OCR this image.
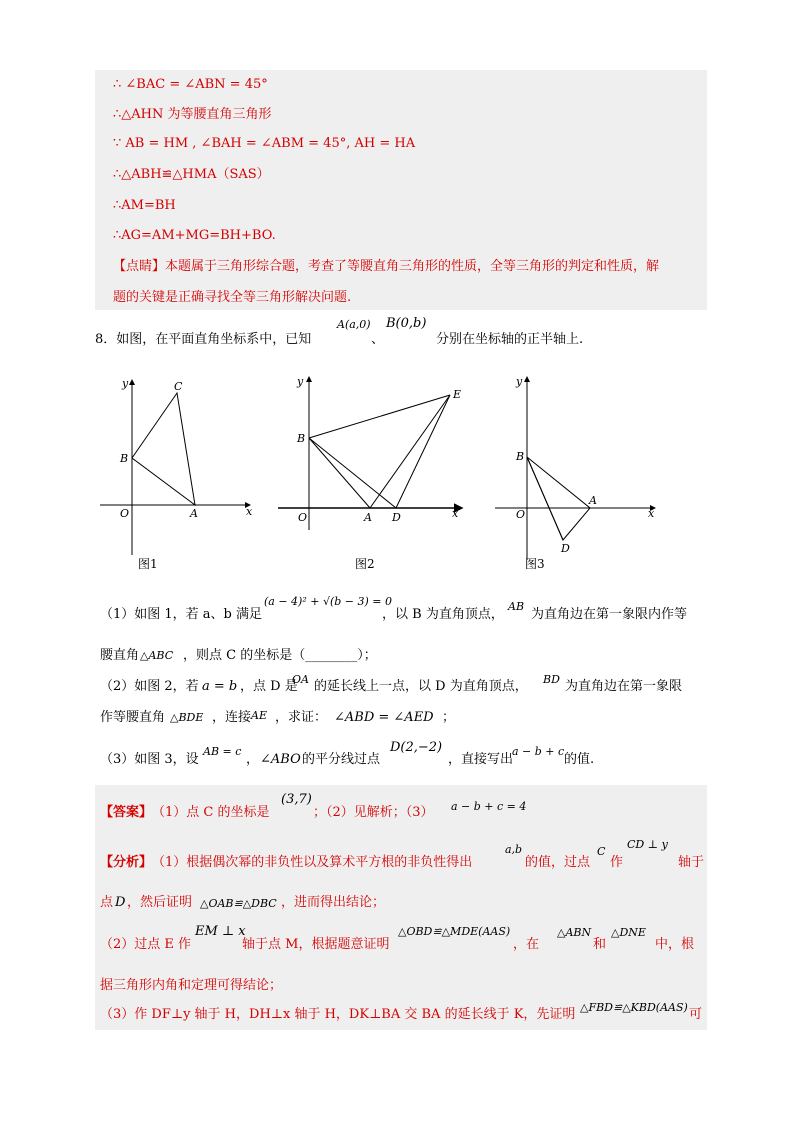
∴ ∠BAC = ∠ABN = 45°
∴△AHN 为等腰直角三角形
∵ AB = HM , ∠BAH = ∠ABM = 45°, AH = HA
∴△ABH≌△HMA（SAS）
∴AM=BH
∴AG=AM+MG=BH+BO.
【点睛】本题属于三角形综合题，考查了等腰直角三角形的性质，全等三角形的判定和性质，解
题的关键是正确寻找全等三角形解决问题.
8．如图，在平面直角坐标系中，已知
A(a,0)
、
B(0,b)
分别在坐标轴的正半轴上.
y	C
B
O	A	x
y
E
B
O	A D	x
y
B
O
A
D
x
图1	图2	图3
（1）如图 1，若 a、b 满足
(a − 4)² + √(b − 3) = 0
，以 B 为直角顶点，
AB
为直角边在第一象限内作等
腰直角 △ABC ，则点 C 的坐标是（________）；
（2）如图 2，若 a = b ，点 D 是
OA 的延长线上一点，以 D 为直角顶点， BD 为直角边在第一象限
作等腰直角 △BDE ，连接 AE ，求证： ∠ABD = ∠AED ；
（3）如图 3，设
AB = c
， ∠ABO 的平分线过点
D(2,−2)
，直接写出
a − b + c
的值.
【答案】 （1）点 C 的坐标是
(3,7)
；（2）见解析；（3） a − b + c = 4
【分析】 （1）根据偶次幂的非负性以及算术平方根的非负性得出
a,b
的值，过点
C
作
CD ⊥ y
轴于
点 D ，然后证明 △OAB≌△DBC ，进而得出结论；
（2）过点 E 作
EM ⊥ x
轴于点 M，根据题意证明
△OBD≌△MDE(AAS)
，在
△ABN
和
△DNE
中，根
据三角形内角和定理可得结论；
（3）作 DF⊥y 轴于 H，DH⊥x 轴于 H，DK⊥BA 交 BA 的延长线于 K，先证明 △FBD≌△KBD(AAS) 可
